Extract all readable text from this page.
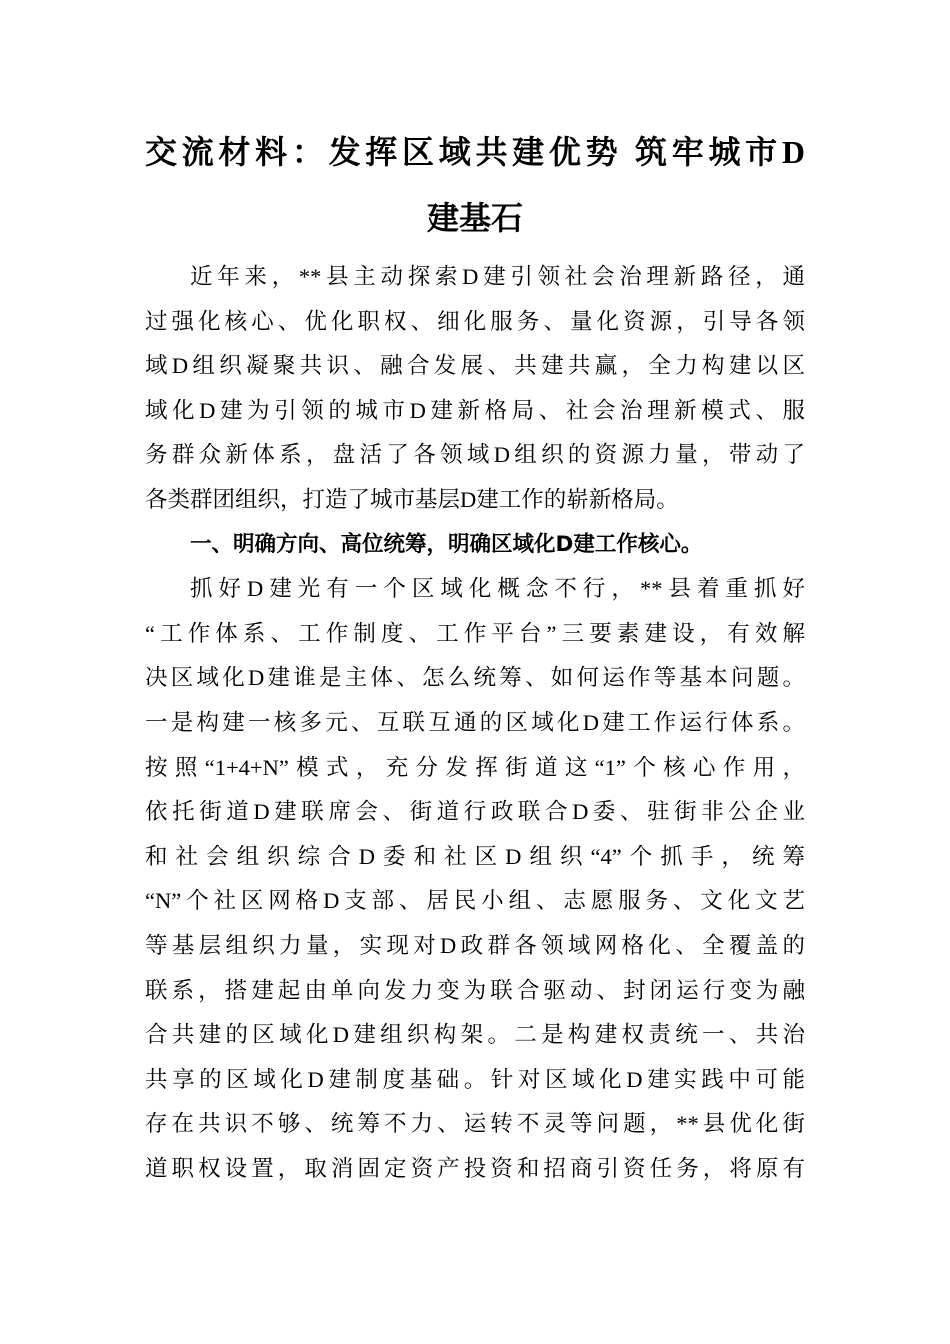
交流材料：发挥区域共建优势 筑牢城市D
建基石
近年来，**县主动探索D建引领社会治理新路径，通
过强化核心、优化职权、细化服务、量化资源，引导各领
域D组织凝聚共识、融合发展、共建共赢，全力构建以区
域化D建为引领的城市D建新格局、社会治理新模式、服
务群众新体系，盘活了各领域D组织的资源力量，带动了
各类群团组织，打造了城市基层D建工作的崭新格局。
一、明确方向、高位统筹，明确区域化D建工作核心。
抓好D建光有一个区域化概念不行，**县着重抓好
“工作体系、工作制度、工作平台”三要素建设，有效解
决区域化D建谁是主体、怎么统筹、如何运作等基本问题。
一是构建一核多元、互联互通的区域化D建工作运行体系。
按照“1+4+N”模式，充分发挥街道这“1”个核心作用，
依托街道D建联席会、街道行政联合D委、驻街非公企业
和社会组织综合D委和社区D组织“4”个抓手，统筹
“N”个社区网格D支部、居民小组、志愿服务、文化文艺
等基层组织力量，实现对D政群各领域网格化、全覆盖的
联系，搭建起由单向发力变为联合驱动、封闭运行变为融
合共建的区域化D建组织构架。二是构建权责统一、共治
共享的区域化D建制度基础。针对区域化D建实践中可能
存在共识不够、统筹不力、运转不灵等问题，**县优化街
道职权设置，取消固定资产投资和招商引资任务，将原有
